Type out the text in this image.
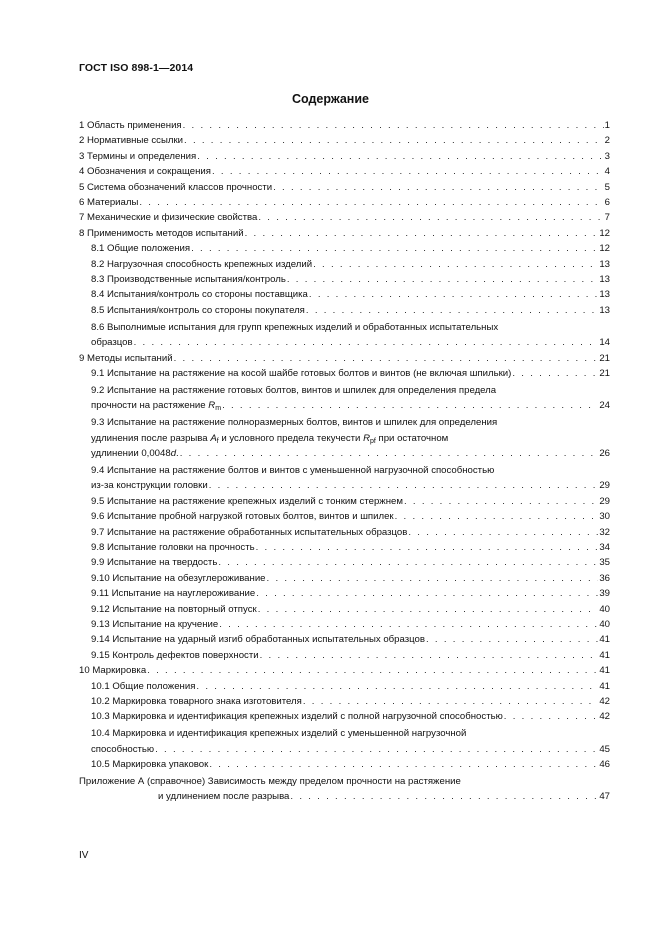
ГОСТ ISO 898-1—2014
Содержание
1 Область применения . . .	1
2 Нормативные ссылки . . .	2
3 Термины и определения . . .	3
4 Обозначения и сокращения . . .	4
5 Система обозначений классов прочности . . .	5
6 Материалы . . .	6
7 Механические и физические свойства . . .	7
8 Применимость методов испытаний . . .	12
8.1 Общие положения . . .	12
8.2 Нагрузочная способность крепежных изделий . . .	13
8.3 Производственные испытания/контроль . . .	13
8.4 Испытания/контроль со стороны поставщика . . .	13
8.5 Испытания/контроль со стороны покупателя . . .	13
8.6 Выполнимые испытания для групп крепежных изделий и обработанных испытательных
образцов . . .	14
9 Методы испытаний . . .	21
9.1 Испытание на растяжение на косой шайбе готовых болтов и винтов (не включая шпильки) . . .	21
9.2 Испытание на растяжение готовых болтов, винтов и шпилек для определения предела
прочности на растяжение $R_m$ . . .	24
9.3 Испытание на растяжение полноразмерных болтов, винтов и шпилек для определения
удлинения после разрыва $A_f$ и условного предела текучести $R_{pf}$ при остаточном
удлинении 0,0048d. . . .	26
9.4 Испытание на растяжение болтов и винтов с уменьшенной нагрузочной способностью
из-за конструкции головки . . .	29
9.5 Испытание на растяжение крепежных изделий с тонким стержнем . . .	29
9.6 Испытание пробной нагрузкой готовых болтов, винтов и шпилек . . .	30
9.7 Испытание на растяжение обработанных испытательных образцов . . .	32
9.8 Испытание головки на прочность . . .	34
9.9 Испытание на твердость . . .	35
9.10 Испытание на обезуглероживание . . .	36
9.11 Испытание на науглероживание . . .	39
9.12 Испытание на повторный отпуск . . .	40
9.13 Испытание на кручение . . .	40
9.14 Испытание на ударный изгиб обработанных испытательных образцов . . .	41
9.15 Контроль дефектов поверхности . . .	41
10 Маркировка . . .	41
10.1 Общие положения . . .	41
10.2 Маркировка товарного знака изготовителя . . .	42
10.3 Маркировка и идентификация крепежных изделий с полной нагрузочной способностью . . .	42
10.4 Маркировка и идентификация крепежных изделий с уменьшенной нагрузочной
способностью . . .	45
10.5 Маркировка упаковок . . .	46
Приложение А (справочное) Зависимость между пределом прочности на растяжение
и удлинением после разрыва . . .	47
IV
